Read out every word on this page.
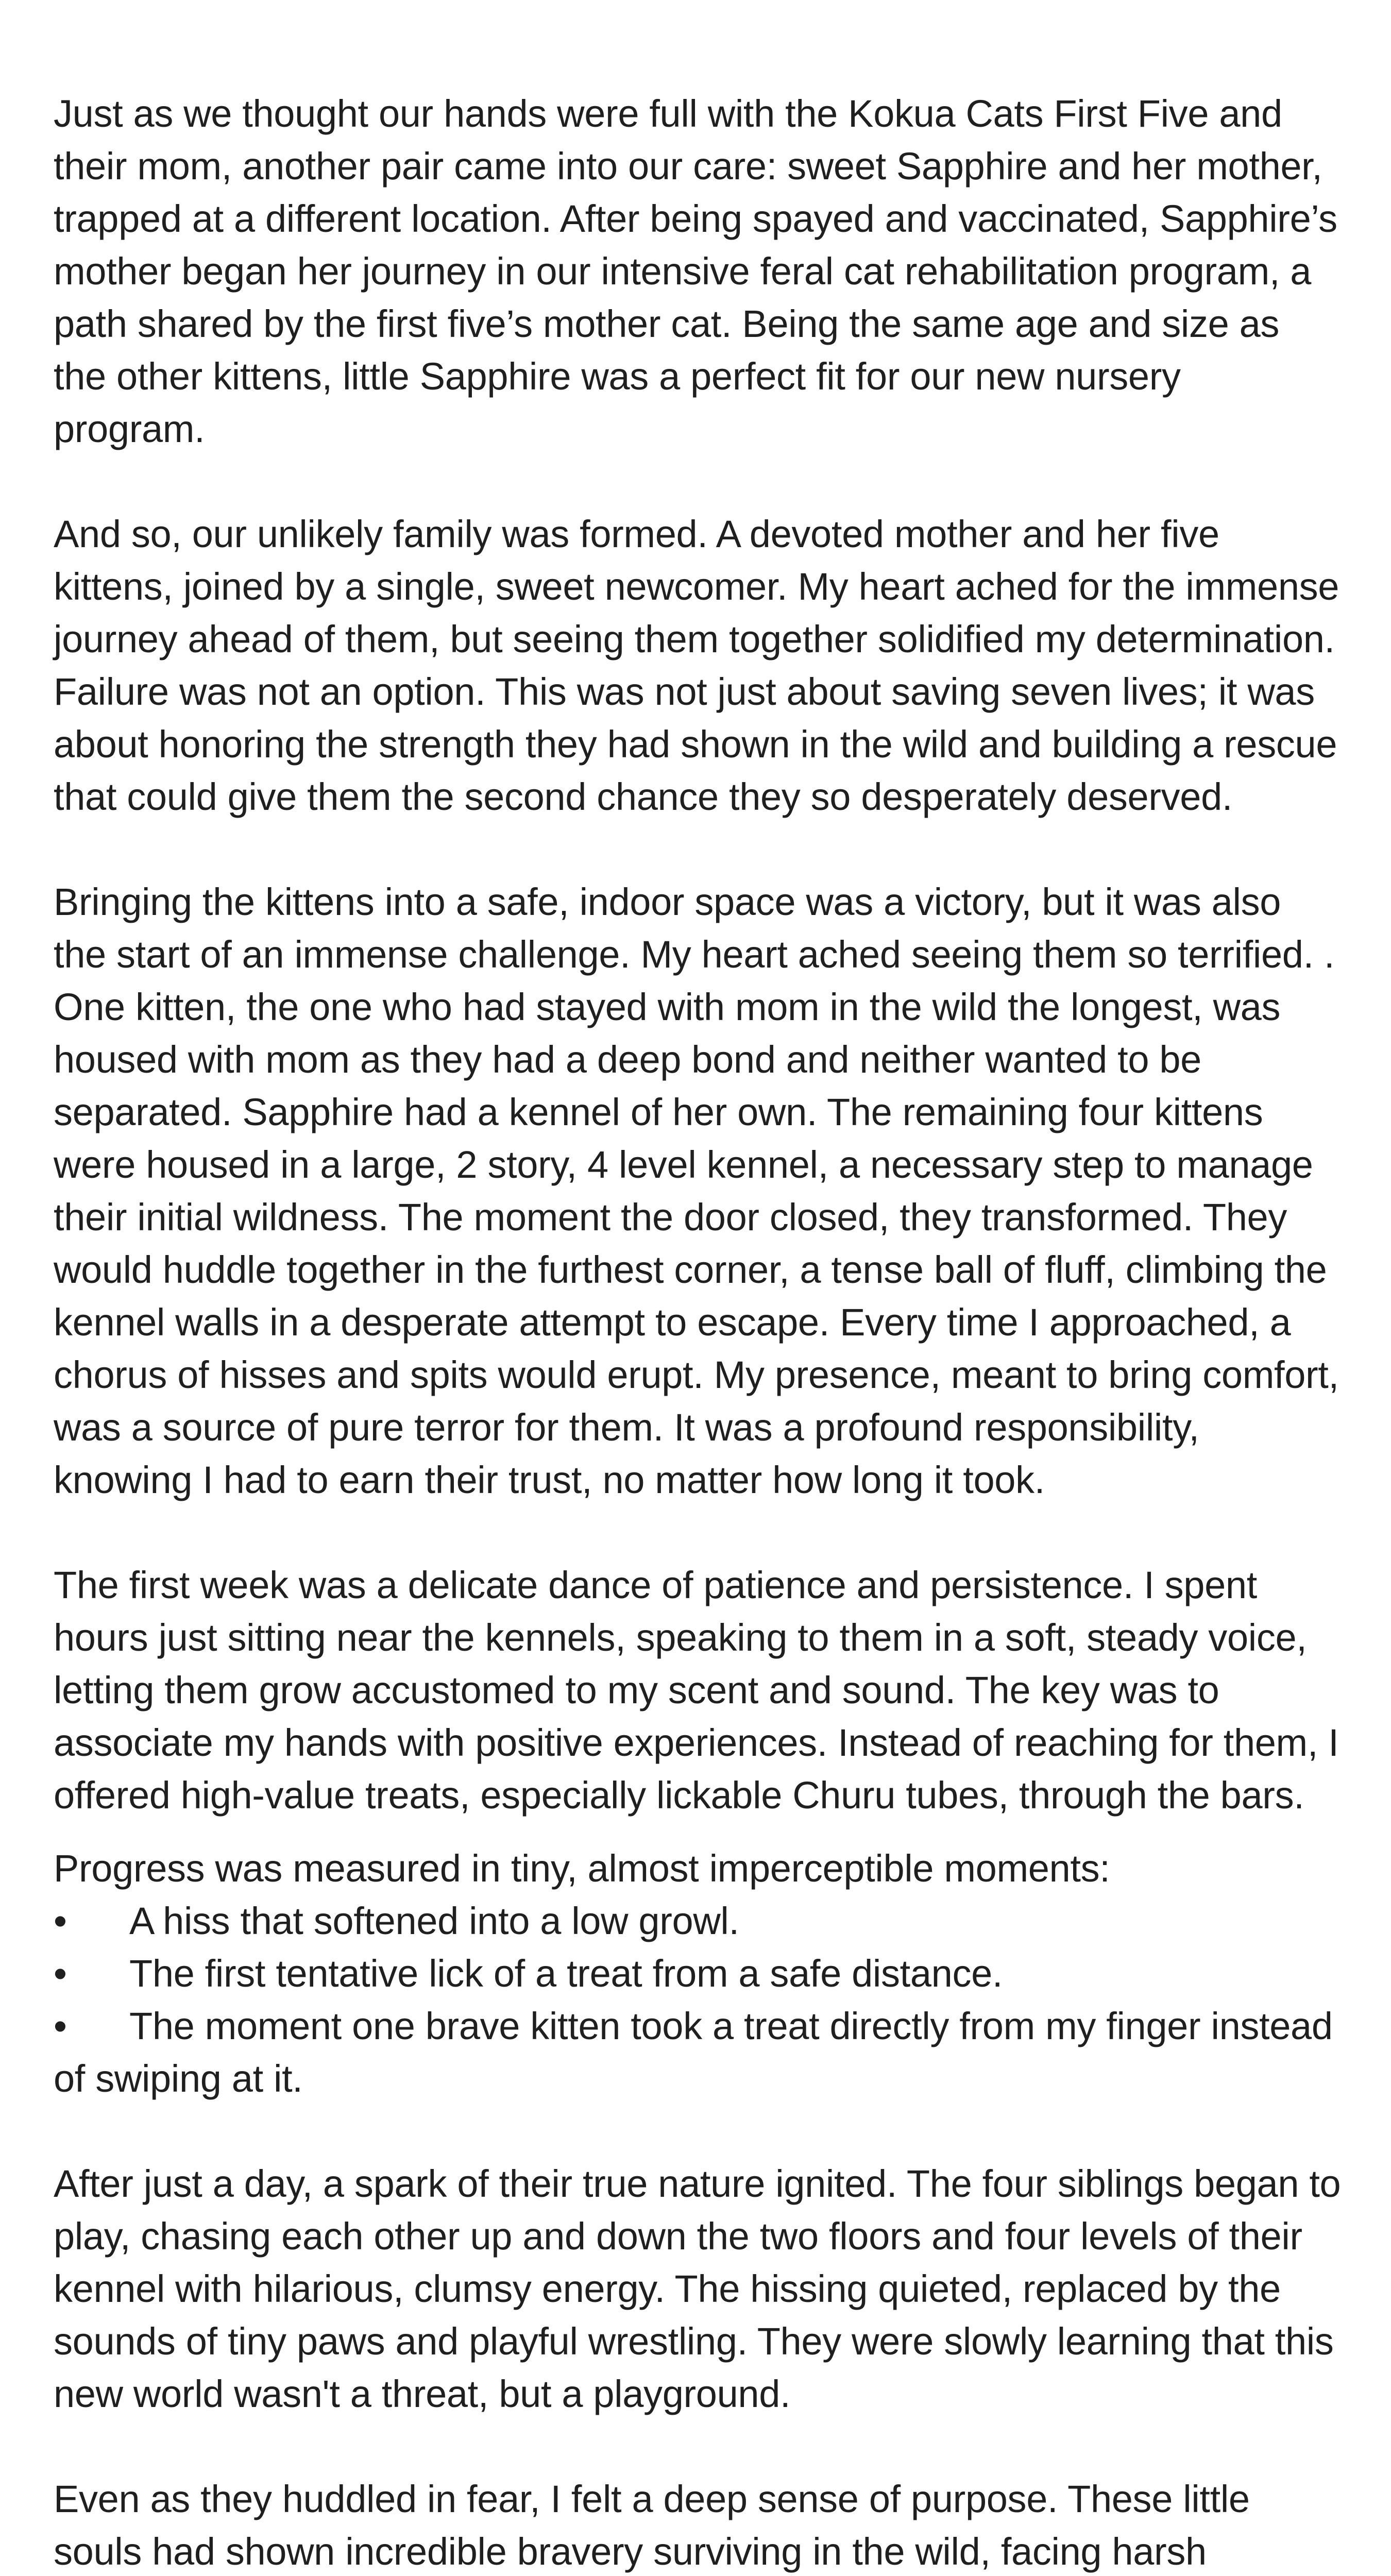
Just as we thought our hands were full with the Kokua Cats First Five and their mom, another pair came into our care: sweet Sapphire and her mother, trapped at a different location. After being spayed and vaccinated, Sapphire’s mother began her journey in our intensive feral cat rehabilitation program, a path shared by the first five’s mother cat. Being the same age and size as the other kittens, little Sapphire was a perfect fit for our new nursery program.

And so, our unlikely family was formed. A devoted mother and her five kittens, joined by a single, sweet newcomer. My heart ached for the immense journey ahead of them, but seeing them together solidified my determination. Failure was not an option. This was not just about saving seven lives; it was about honoring the strength they had shown in the wild and building a rescue that could give them the second chance they so desperately deserved.

Bringing the kittens into a safe, indoor space was a victory, but it was also the start of an immense challenge. My heart ached seeing them so terrified. . One kitten, the one who had stayed with mom in the wild the longest, was housed with mom as they had a deep bond and neither wanted to be separated. Sapphire had a kennel of her own. The remaining four kittens were housed in a large, 2 story, 4 level kennel, a necessary step to manage their initial wildness. The moment the door closed, they transformed. They would huddle together in the furthest corner, a tense ball of fluff, climbing the kennel walls in a desperate attempt to escape. Every time I approached, a chorus of hisses and spits would erupt. My presence, meant to bring comfort, was a source of pure terror for them. It was a profound responsibility, knowing I had to earn their trust, no matter how long it took.

The first week was a delicate dance of patience and persistence. I spent hours just sitting near the kennels, speaking to them in a soft, steady voice, letting them grow accustomed to my scent and sound. The key was to associate my hands with positive experiences. Instead of reaching for them, I offered high-value treats, especially lickable Churu tubes, through the bars.

Progress was measured in tiny, almost imperceptible moments:

• A hiss that softened into a low growl.
• The first tentative lick of a treat from a safe distance.
• The moment one brave kitten took a treat directly from my finger instead of swiping at it.

After just a day, a spark of their true nature ignited. The four siblings began to play, chasing each other up and down the two floors and four levels of their kennel with hilarious, clumsy energy. The hissing quieted, replaced by the sounds of tiny paws and playful wrestling. They were slowly learning that this new world wasn't a threat, but a playground.

Even as they huddled in fear, I felt a deep sense of purpose. These little souls had shown incredible bravery surviving in the wild, facing harsh
